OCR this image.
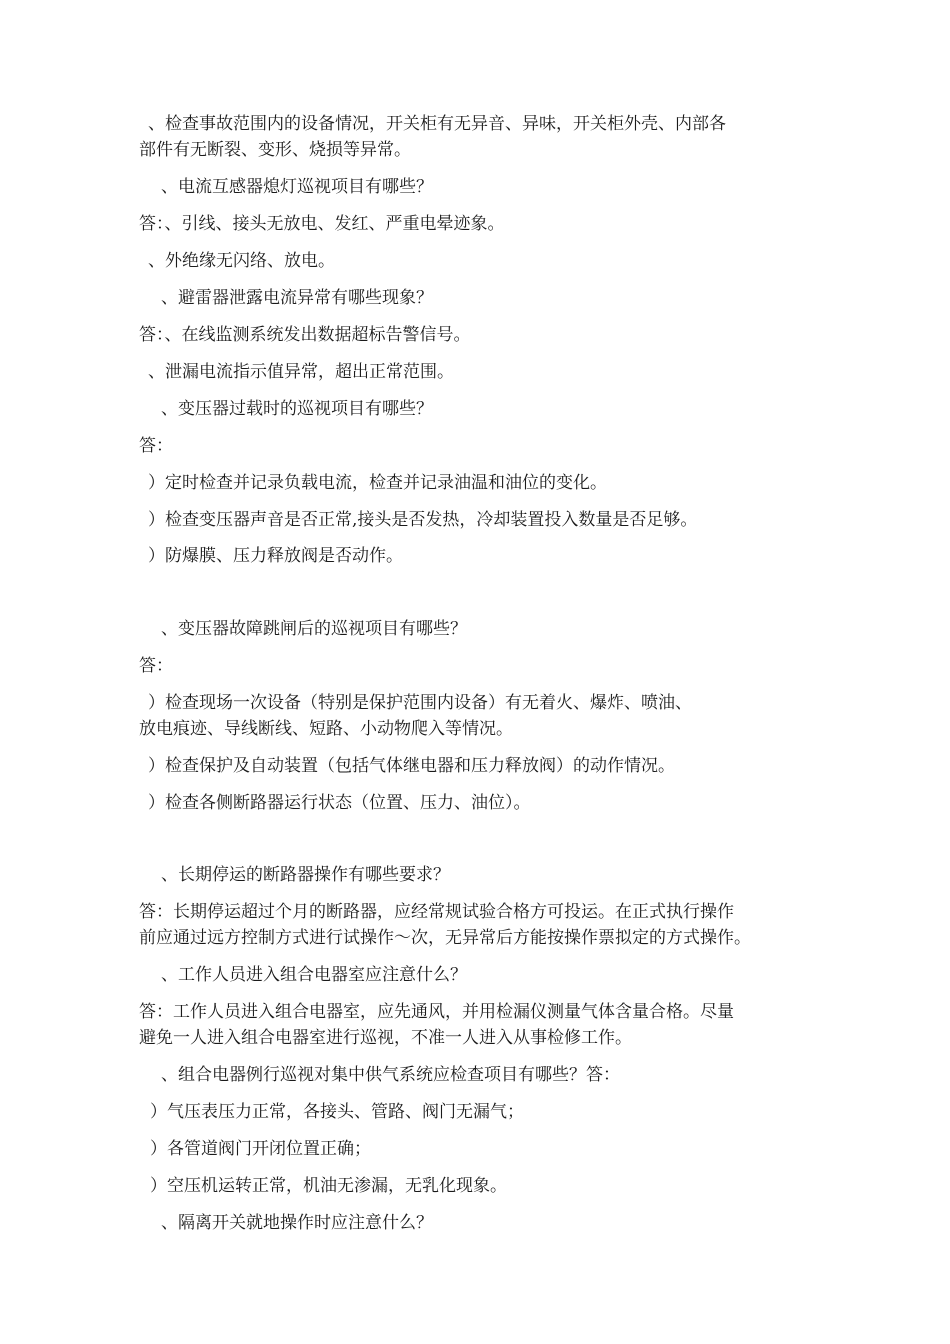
、检查事故范围内的设备情况，开关柜有无异音、异味，开关柜外壳、内部各
部件有无断裂、变形、烧损等异常。
、电流互感器熄灯巡视项目有哪些？
答：、引线、接头无放电、发红、严重电晕迹象。
、外绝缘无闪络、放电。
、避雷器泄露电流异常有哪些现象？
答：、在线监测系统发出数据超标告警信号。
、泄漏电流指示值异常，超出正常范围。
、变压器过载时的巡视项目有哪些？
答：
）定时检查并记录负载电流，检查并记录油温和油位的变化。
）检查变压器声音是否正常,接头是否发热，冷却装置投入数量是否足够。
）防爆膜、压力释放阀是否动作。
、变压器故障跳闸后的巡视项目有哪些？
答：
）检查现场一次设备（特别是保护范围内设备）有无着火、爆炸、喷油、
放电痕迹、导线断线、短路、小动物爬入等情况。
）检查保护及自动装置（包括气体继电器和压力释放阀）的动作情况。
）检查各侧断路器运行状态（位置、压力、油位）。
、长期停运的断路器操作有哪些要求？
答：长期停运超过个月的断路器，应经常规试验合格方可投运。在正式执行操作
前应通过远方控制方式进行试操作～次，无异常后方能按操作票拟定的方式操作。
、工作人员进入组合电器室应注意什么？
答：工作人员进入组合电器室，应先通风，并用检漏仪测量气体含量合格。尽量
避免一人进入组合电器室进行巡视，不准一人进入从事检修工作。
、组合电器例行巡视对集中供气系统应检查项目有哪些？答：
）气压表压力正常，各接头、管路、阀门无漏气；
）各管道阀门开闭位置正确；
）空压机运转正常，机油无渗漏，无乳化现象。
、隔离开关就地操作时应注意什么？
